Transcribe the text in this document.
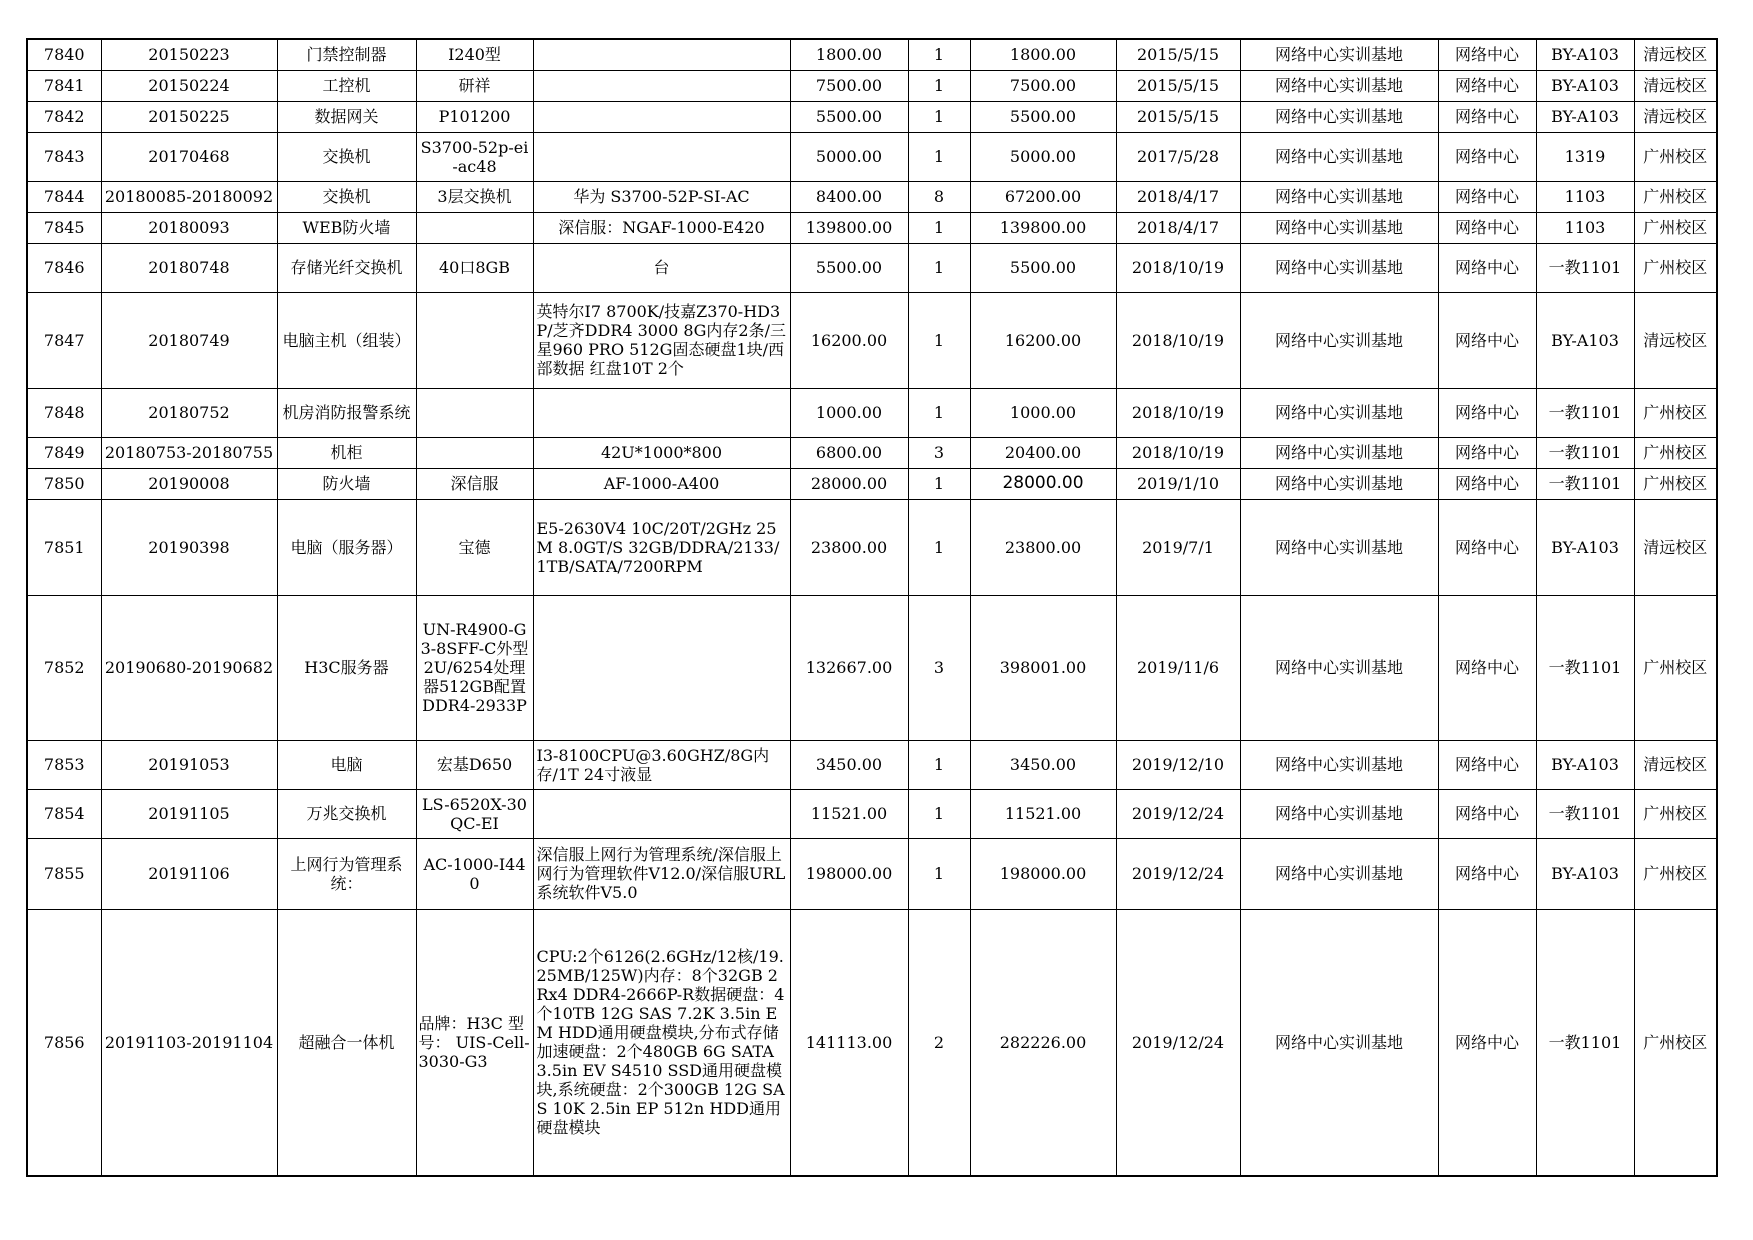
7840	20150223	门禁控制器	I240型		1800.00	1	1800.00	2015/5/15	网络中心实训基地	网络中心	BY-A103	清远校区
7841	20150224	工控机	研祥		7500.00	1	7500.00	2015/5/15	网络中心实训基地	网络中心	BY-A103	清远校区
7842	20150225	数据网关	P101200		5500.00	1	5500.00	2015/5/15	网络中心实训基地	网络中心	BY-A103	清远校区
7843	20170468	交换机	S3700-52p-ei-ac48		5000.00	1	5000.00	2017/5/28	网络中心实训基地	网络中心	1319	广州校区
7844	20180085-20180092	交换机	3层交换机	华为 S3700-52P-SI-AC	8400.00	8	67200.00	2018/4/17	网络中心实训基地	网络中心	1103	广州校区
7845	20180093	WEB防火墙		深信服：NGAF-1000-E420	139800.00	1	139800.00	2018/4/17	网络中心实训基地	网络中心	1103	广州校区
7846	20180748	存储光纤交换机	40口8GB	台	5500.00	1	5500.00	2018/10/19	网络中心实训基地	网络中心	一教1101	广州校区
7847	20180749	电脑主机（组装）		英特尔I7 8700K/技嘉Z370-HD3P/芝齐DDR4 3000 8G内存2条/三星960 PRO 512G固态硬盘1块/西部数据 红盘10T 2个	16200.00	1	16200.00	2018/10/19	网络中心实训基地	网络中心	BY-A103	清远校区
7848	20180752	机房消防报警系统			1000.00	1	1000.00	2018/10/19	网络中心实训基地	网络中心	一教1101	广州校区
7849	20180753-20180755	机柜		42U*1000*800	6800.00	3	20400.00	2018/10/19	网络中心实训基地	网络中心	一教1101	广州校区
7850	20190008	防火墙	深信服	AF-1000-A400	28000.00	1	28000.00	2019/1/10	网络中心实训基地	网络中心	一教1101	广州校区
7851	20190398	电脑（服务器）	宝德	E5-2630V4 10C/20T/2GHz 25M 8.0GT/S 32GB/DDRA/2133/1TB/SATA/7200RPM	23800.00	1	23800.00	2019/7/1	网络中心实训基地	网络中心	BY-A103	清远校区
7852	20190680-20190682	H3C服务器	UN-R4900-G3-8SFF-C外型2U/6254处理器512GB配置DDR4-2933P		132667.00	3	398001.00	2019/11/6	网络中心实训基地	网络中心	一教1101	广州校区
7853	20191053	电脑	宏基D650	I3-8100CPU@3.60GHZ/8G内存/1T 24寸液显	3450.00	1	3450.00	2019/12/10	网络中心实训基地	网络中心	BY-A103	清远校区
7854	20191105	万兆交换机	LS-6520X-30QC-EI		11521.00	1	11521.00	2019/12/24	网络中心实训基地	网络中心	一教1101	广州校区
7855	20191106	上网行为管理系统：	AC-1000-I440	深信服上网行为管理系统/深信服上网行为管理软件V12.0/深信服URL系统软件V5.0	198000.00	1	198000.00	2019/12/24	网络中心实训基地	网络中心	BY-A103	广州校区
7856	20191103-20191104	超融合一体机	品牌：H3C 型号： UIS-Cell-3030-G3	CPU:2个6126(2.6GHz/12核/19.25MB/125W)内存：8个32GB 2Rx4 DDR4-2666P-R数据硬盘：4个10TB 12G SAS 7.2K 3.5in EM HDD通用硬盘模块,分布式存储加速硬盘：2个480GB 6G SATA 3.5in EV S4510 SSD通用硬盘模块,系统硬盘：2个300GB 12G SAS 10K 2.5in EP 512n HDD通用硬盘模块	141113.00	2	282226.00	2019/12/24	网络中心实训基地	网络中心	一教1101	广州校区
